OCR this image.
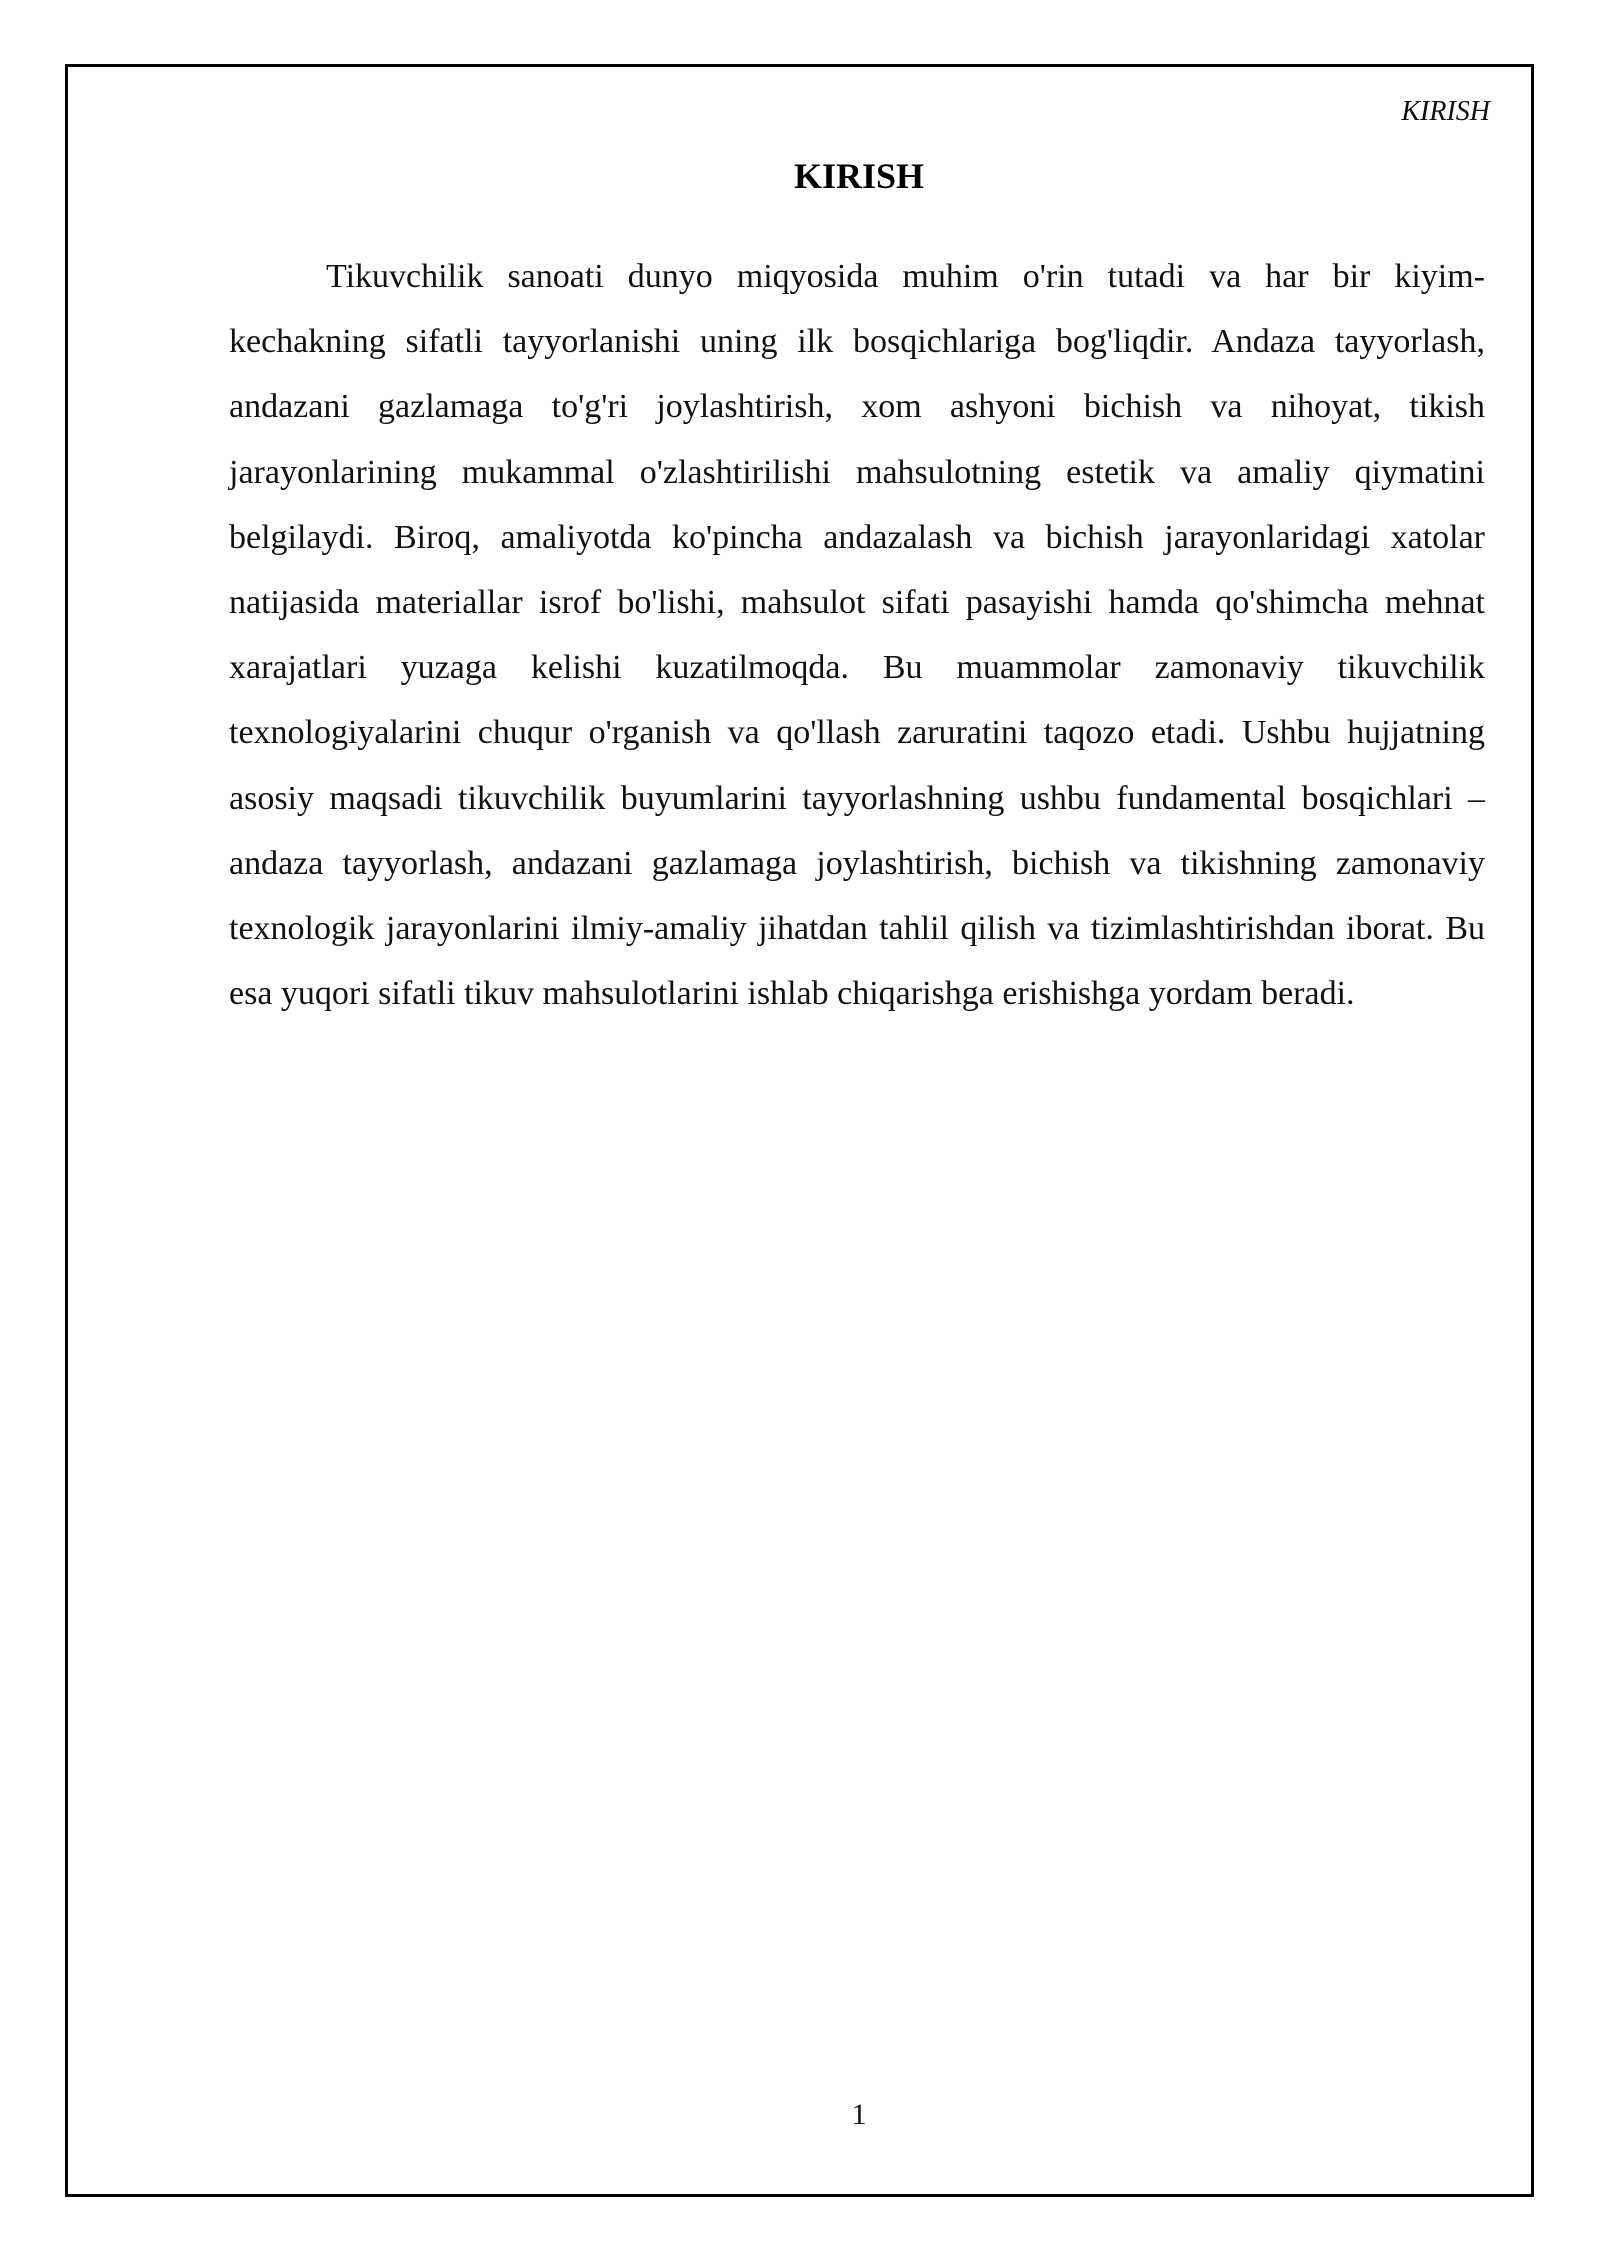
KIRISH
KIRISH

Tikuvchilik sanoati dunyo miqyosida muhim o'rin tutadi va har bir kiyim-kechakning sifatli tayyorlanishi uning ilk bosqichlariga bog'liqdir. Andaza tayyorlash, andazani gazlamaga to'g'ri joylashtirish, xom ashyoni bichish va nihoyat, tikish jarayonlarining mukammal o'zlashtirilishi mahsulotning estetik va amaliy qiymatini belgilaydi. Biroq, amaliyotda ko'pincha andazalash va bichish jarayonlaridagi xatolar natijasida materiallar isrof bo'lishi, mahsulot sifati pasayishi hamda qo'shimcha mehnat xarajatlari yuzaga kelishi kuzatilmoqda. Bu muammolar zamonaviy tikuvchilik texnologiyalarini chuqur o'rganish va qo'llash zaruratini taqozo etadi. Ushbu hujjatning asosiy maqsadi tikuvchilik buyumlarini tayyorlashning ushbu fundamental bosqichlari – andaza tayyorlash, andazani gazlamaga joylashtirish, bichish va tikishning zamonaviy texnologik jarayonlarini ilmiy-amaliy jihatdan tahlil qilish va tizimlashtirishdan iborat. Bu esa yuqori sifatli tikuv mahsulotlarini ishlab chiqarishga erishishga yordam beradi.

1
